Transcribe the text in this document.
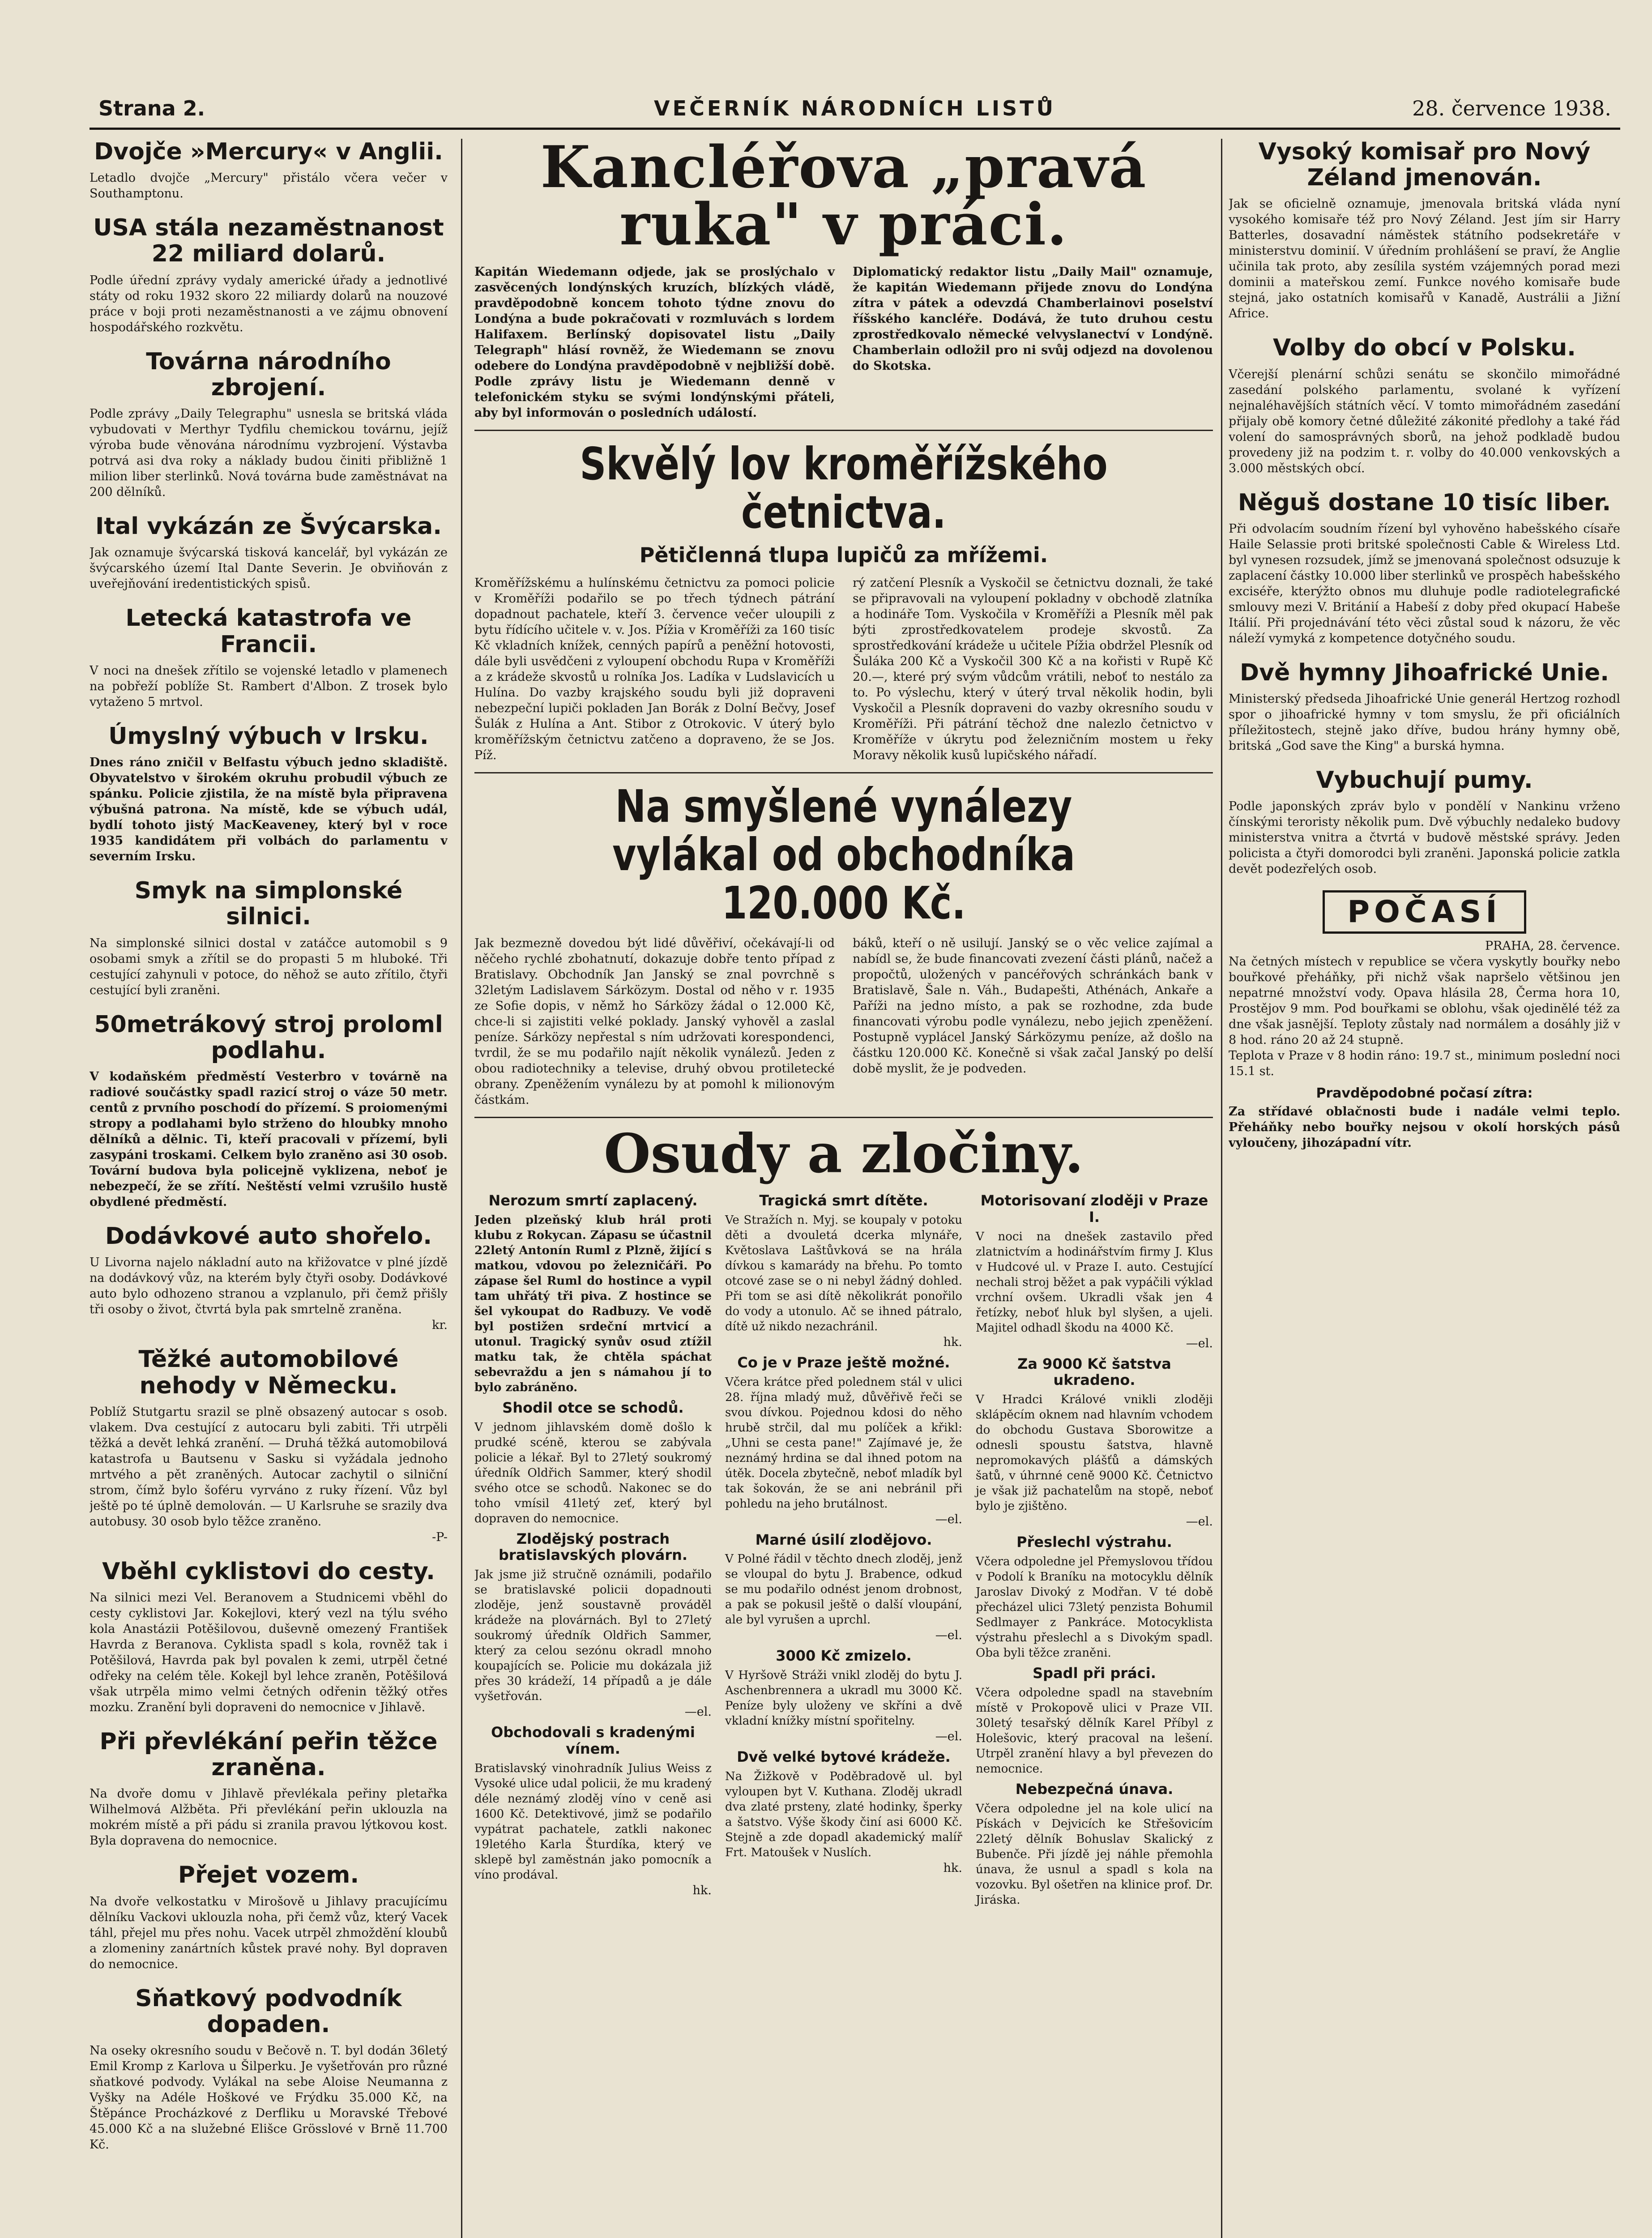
Strana 2.	VEČERNÍK NÁRODNÍCH LISTŮ	28. července 1938.
Dvojče »Mercury« v Anglii.

Letadlo dvojče „Mercury" přistálo včera večer v Southamptonu.

USA stála nezaměstnanost 22 miliard dolarů.

Podle úřední zprávy vydaly americké úřady a jednotlivé státy od roku 1932 skoro 22 miliardy dolarů na nouzové práce v boji proti nezaměstnanosti a ve zájmu obnovení hospodářského rozkvětu.

Továrna národního zbrojení.

Podle zprávy „Daily Telegraphu" usnesla se britská vláda vybudovati v Merthyr Tydfilu chemickou továrnu, jejíž výroba bude věnována národnímu vyzbrojení. Výstavba potrvá asi dva roky a náklady budou činiti přibližně 1 milion liber sterlinků. Nová továrna bude zaměstnávat na 200 dělníků.

Ital vykázán ze Švýcarska.

Jak oznamuje švýcarská tisková kancelář, byl vykázán ze švýcarského území Ital Dante Severin. Je obviňován z uveřejňování iredentistických spisů.

Letecká katastrofa ve Francii.

V noci na dnešek zřítilo se vojenské letadlo v plamenech na pobřeží poblíže St. Rambert d'Albon. Z trosek bylo vytaženo 5 mrtvol.

Úmyslný výbuch v Irsku.

Dnes ráno zničil v Belfastu výbuch jedno skladiště. Obyvatelstvo v širokém okruhu probudil výbuch ze spánku. Policie zjistila, že na místě byla připravena výbušná patrona. Na místě, kde se výbuch udál, bydlí tohoto jistý MacKeaveney, který byl v roce 1935 kandidátem při volbách do parlamentu v severním Irsku.

Smyk na simplonské silnici.

Na simplonské silnici dostal v zatáčce automobil s 9 osobami smyk a zřítil se do propasti 5 m hluboké. Tři cestující zahynuli v potoce, do něhož se auto zřítilo, čtyři cestující byli zraněni.

50metrákový stroj proloml podlahu.

V kodaňském předměstí Vesterbro v továrně na radiové součástky spadl razicí stroj o váze 50 metr. centů z prvního poschodí do přízemí. S proiomenými stropy a podlahami bylo strženo do hloubky mnoho dělníků a dělnic. Ti, kteří pracovali v přízemí, byli zasypáni troskami. Celkem bylo zraněno asi 30 osob. Tovární budova byla policejně vyklizena, neboť je nebezpečí, že se zřítí. Neštěstí velmi vzrušilo hustě obydlené předměstí.

Dodávkové auto shořelo.

U Livorna najelo nákladní auto na křižovatce v plné jízdě na dodávkový vůz, na kterém byly čtyři osoby. Dodávkové auto bylo odhozeno stranou a vzplanulo, při čemž přišly tři osoby o život, čtvrtá byla pak smrtelně zraněna.

kr.
Těžké automobilové nehody v Německu.

Poblíž Stutgartu srazil se plně obsazený autocar s osob. vlakem. Dva cestující z autocaru byli zabiti. Tři utrpěli těžká a devět lehká zranění. — Druhá těžká automobilová katastrofa u Bautsenu v Sasku si vyžádala jednoho mrtvého a pět zraněných. Autocar zachytil o silniční strom, čímž bylo šoféru vyrváno z ruky řízení. Vůz byl ještě po té úplně demolován. — U Karlsruhe se srazily dva autobusy. 30 osob bylo těžce zraněno.

-P-
Vběhl cyklistovi do cesty.

Na silnici mezi Vel. Beranovem a Studnicemi vběhl do cesty cyklistovi Jar. Kokejlovi, který vezl na týlu svého kola Anastázii Potěšilovou, duševně omezený František Havrda z Beranova. Cyklista spadl s kola, rovněž tak i Potěšilová, Havrda pak byl povalen k zemi, utrpěl četné odřeky na celém těle. Kokejl byl lehce zraněn, Potěšilová však utrpěla mimo velmi četných odřenin těžký otřes mozku. Zranění byli dopraveni do nemocnice v Jihlavě.

Při převlékání peřin těžce zraněna.

Na dvoře domu v Jihlavě převlékala peřiny pletařka Wilhelmová Alžběta. Při převlékání peřin uklouzla na mokrém místě a při pádu si zranila pravou lýtkovou kost. Byla dopravena do nemocnice.

Přejet vozem.

Na dvoře velkostatku v Mirošově u Jihlavy pracujícímu dělníku Vackovi uklouzla noha, při čemž vůz, který Vacek táhl, přejel mu přes nohu. Vacek utrpěl zhmoždění kloubů a zlomeniny zanártních kůstek pravé nohy. Byl dopraven do nemocnice.

Sňatkový podvodník dopaden.

Na oseky okresního soudu v Bečově n. T. byl dodán 36letý Emil Kromp z Karlova u Šilperku. Je vyšetřován pro různé sňatkové podvody. Vylákal na sebe Aloise Neumanna z Vyšky na Adéle Hoškové ve Frýdku 35.000 Kč, na Štěpánce Procházkové z Derfliku u Moravské Třebové 45.000 Kč a na služebné Elišce Grösslové v Brně 11.700 Kč.

Kancléřova „pravá ruka" v práci.

Kapitán Wiedemann odjede, jak se proslýchalo v zasvěcených londýnských kruzích, blízkých vládě, pravděpodobně koncem tohoto týdne znovu do Londýna a bude pokračovati v rozmluvách s lordem Halifaxem. Berlínský dopisovatel listu „Daily Telegraph" hlásí rovněž, že Wiedemann se znovu odebere do Londýna pravděpodobně v nejbližší době. Podle zprávy listu je Wiedemann denně v telefonickém styku se svými londýnskými přáteli, aby byl informován o posledních událostí.

Diplomatický redaktor listu „Daily Mail" oznamuje, že kapitán Wiedemann přijede znovu do Londýna zítra v pátek a odevzdá Chamberlainovi poselství říšského kancléře. Dodává, že tuto druhou cestu zprostředkovalo německé velvyslanectví v Londýně. Chamberlain odložil pro ni svůj odjezd na dovolenou do Skotska.

Skvělý lov kroměřížského četnictva.
Pětičlenná tlupa lupičů za mřížemi.

Kroměřížskému a hulínskému četnictvu za pomoci policie v Kroměříži podařilo se po třech týdnech pátrání dopadnout pachatele, kteří 3. července večer uloupili z bytu řídícího učitele v. v. Jos. Pížia v Kroměříži za 160 tisíc Kč vkladních knížek, cenných papírů a peněžní hotovosti, dále byli usvědčeni z vyloupení obchodu Rupa v Kroměříži a z krádeže skvostů u rolníka Jos. Ladíka v Ludslavicích u Hulína. Do vazby krajského soudu byli již dopraveni nebezpeční lupiči pokladen Jan Borák z Dolní Bečvy, Josef Šulák z Hulína a Ant. Stibor z Otrokovic. V úterý bylo kroměřížským četnictvu zatčeno a dopraveno, že se Jos. Píž.

rý zatčení Plesník a Vyskočil se četnictvu doznali, že také se připravovali na vyloupení pokladny v obchodě zlatníka a hodináře Tom. Vyskočila v Kroměříži a Plesník měl pak býti zprostředkovatelem prodeje skvostů. Za sprostředkování krádeže u učitele Pížia obdržel Plesník od Šuláka 200 Kč a Vyskočil 300 Kč a na kořisti v Rupě Kč 20.—, které prý svým vůdcům vrátili, neboť to nestálo za to. Po výslechu, který v úterý trval několik hodin, byli Vyskočil a Plesník dopraveni do vazby okresního soudu v Kroměříži. Při pátrání těchož dne nalezlo četnictvo v Kroměříže v úkrytu pod železničním mostem u řeky Moravy několik kusů lupičského nářadí.

Na smyšlené vynálezy vylákal od obchodníka 120.000 Kč.

Jak bezmezně dovedou být lidé důvěřiví, očekávají-li od něčeho rychlé zbohatnutí, dokazuje dobře tento případ z Bratislavy. Obchodník Jan Janský se znal povrchně s 32letým Ladislavem Sárközym. Dostal od něho v r. 1935 ze Sofie dopis, v němž ho Sárközy žádal o 12.000 Kč, chce-li si zajistiti velké poklady. Janský vyhověl a zaslal peníze. Sárközy nepřestal s ním udržovati korespondenci, tvrdil, že se mu podařilo najít několik vynálezů. Jeden z obou radiotechniky a televise, druhý obvou protiletecké obrany. Zpeněžením vynálezu by at pomohl k milionovým částkám.

báků, kteří o ně usilují. Janský se o věc velice zajímal a nabídl se, že bude financovati zvezení části plánů, načež a propočtů, uložených v pancéřových schránkách bank v Bratislavě, Šale n. Váh., Budapešti, Athénách, Ankaře a Paříži na jedno místo, a pak se rozhodne, zda bude financovati výrobu podle vynálezu, nebo jejich zpeněžení. Postupně vyplácel Janský Sárközymu peníze, až došlo na částku 120.000 Kč. Konečně si však začal Janský po delší době myslit, že je podveden.

Osudy a zločiny.
Nerozum smrtí zaplacený.

Jeden plzeňský klub hrál proti klubu z Rokycan. Zápasu se účastnil 22letý Antonín Ruml z Plzně, žijící s matkou, vdovou po železničáři. Po zápase šel Ruml do hostince a vypil tam uhřátý tři piva. Z hostince se šel vykoupat do Radbuzy. Ve vodě byl postižen srdeční mrtvicí a utonul. Tragický synův osud ztížil matku tak, že chtěla spáchat sebevraždu a jen s námahou jí to bylo zabráněno.

Shodil otce se schodů.

V jednom jihlavském domě došlo k prudké scéně, kterou se zabývala policie a lékař. Byl to 27letý soukromý úředník Oldřich Sammer, který shodil svého otce se schodů. Nakonec se do toho vmísil 41letý zeť, který byl dopraven do nemocnice.

Zlodějský postrach bratislavských plovárn.

Jak jsme již stručně oznámili, podařilo se bratislavské policii dopadnouti zloděje, jenž soustavně prováděl krádeže na plovárnách. Byl to 27letý soukromý úředník Oldřich Sammer, který za celou sezónu okradl mnoho koupajících se. Policie mu dokázala již přes 30 krádeží, 14 případů a je dále vyšetřován.

—el.
Obchodovali s kradenými vínem.

Bratislavský vinohradník Julius Weiss z Vysoké ulice udal policii, že mu kradený déle neznámý zloděj víno v ceně asi 1600 Kč. Detektivové, jimž se podařilo vypátrat pachatele, zatkli nakonec 19letého Karla Šturdíka, který ve sklepě byl zaměstnán jako pomocník a víno prodával.

hk.
Tragická smrt dítěte.

Ve Stražích n. Myj. se koupaly v potoku děti a dvouletá dcerka mlynáře, Květoslava Laštůvková se na hrála dívkou s kamarády na břehu. Po tomto otcové zase se o ni nebyl žádný dohled. Při tom se asi dítě několikrát ponořilo do vody a utonulo. Ač se ihned pátralo, dítě už nikdo nezachránil.

hk.
Co je v Praze ještě možné.

Včera krátce před polednem stál v ulici 28. října mladý muž, důvěřivě řeči se svou dívkou. Pojednou kdosi do něho hrubě strčil, dal mu políček a křikl: „Uhni se cesta pane!" Zajímavé je, že neznámý hrdina se dal ihned potom na útěk. Docela zbytečně, neboť mladík byl tak šokován, že se ani nebránil při pohledu na jeho brutálnost.

—el.
Marné úsilí zlodějovo.

V Polné řádil v těchto dnech zloděj, jenž se vloupal do bytu J. Brabence, odkud se mu podařilo odnést jenom drobnost, a pak se pokusil ještě o další vloupání, ale byl vyrušen a uprchl.

—el.
3000 Kč zmizelo.

V Hyršově Stráži vnikl zloděj do bytu J. Aschenbrennera a ukradl mu 3000 Kč. Peníze byly uloženy ve skříni a dvě vkladní knížky místní spořitelny.

—el.
Dvě velké bytové krádeže.

Na Žižkově v Poděbradově ul. byl vyloupen byt V. Kuthana. Zloděj ukradl dva zlaté prsteny, zlaté hodinky, šperky a šatstvo. Výše škody činí asi 6000 Kč. Stejně a zde dopadl akademický malíř Frt. Matoušek v Nuslích.

hk.
Motorisovaní zloději v Praze I.

V noci na dnešek zastavilo před zlatnictvím a hodinářstvím firmy J. Klus v Hudcové ul. v Praze I. auto. Cestující nechali stroj běžet a pak vypáčili výklad vrchní ovšem. Ukradli však jen 4 řetízky, neboť hluk byl slyšen, a ujeli. Majitel odhadl škodu na 4000 Kč.

—el.
Za 9000 Kč šatstva ukradeno.

V Hradci Králové vnikli zloději sklápěcím oknem nad hlavním vchodem do obchodu Gustava Sborowitze a odnesli spoustu šatstva, hlavně nepromokavých plášťů a dámských šatů, v úhrnné ceně 9000 Kč. Četnictvo je však již pachatelům na stopě, neboť bylo je zjištěno.

—el.
Přeslechl výstrahu.

Včera odpoledne jel Přemyslovou třídou v Podolí k Braníku na motocyklu dělník Jaroslav Divoký z Modřan. V té době přecházel ulici 73letý penzista Bohumil Sedlmayer z Pankráce. Motocyklista výstrahu přeslechl a s Divokým spadl. Oba byli těžce zraněni.

Spadl při práci.

Včera odpoledne spadl na stavebním místě v Prokopově ulici v Praze VII. 30letý tesařský dělník Karel Příbyl z Holešovic, který pracoval na lešení. Utrpěl zranění hlavy a byl převezen do nemocnice.

Nebezpečná únava.

Včera odpoledne jel na kole ulicí na Pískách v Dejvicích ke Střešovicím 22letý dělník Bohuslav Skalický z Bubenče. Při jízdě jej náhle přemohla únava, že usnul a spadl s kola na vozovku. Byl ošetřen na klinice prof. Dr. Jiráska.

Vysoký komisař pro Nový Zéland jmenován.

Jak se oficielně oznamuje, jmenovala britská vláda nyní vysokého komisaře též pro Nový Zéland. Jest jím sir Harry Batterles, dosavadní náměstek státního podsekretáře v ministerstvu dominií. V úředním prohlášení se praví, že Anglie učinila tak proto, aby zesílila systém vzájemných porad mezi dominii a mateřskou zemí. Funkce nového komisaře bude stejná, jako ostatních komisařů v Kanadě, Austrálii a Jižní Africe.

Volby do obcí v Polsku.

Včerejší plenární schůzi senátu se skončilo mimořádné zasedání polského parlamentu, svolané k vyřízení nejnaléhavějších státních věcí. V tomto mimořádném zasedání přijaly obě komory četné důležité zákonité předlohy a také řád volení do samosprávných sborů, na jehož podkladě budou provedeny již na podzim t. r. volby do 40.000 venkovských a 3.000 městských obcí.

Něguš dostane 10 tisíc liber.

Při odvolacím soudním řízení byl vyhověno habešského císaře Haile Selassie proti britské společnosti Cable & Wireless Ltd. byl vynesen rozsudek, jímž se jmenovaná společnost odsuzuje k zaplacení částky 10.000 liber sterlinků ve prospěch habešského exciséře, kterýžto obnos mu dluhuje podle radiotelegrafické smlouvy mezi V. Británií a Habeší z doby před okupací Habeše Itálií. Při projednávání této věci zůstal soud k názoru, že věc náleží vymyká z kompetence dotyčného soudu.

Dvě hymny Jihoafrické Unie.

Ministerský předseda Jihoafrické Unie generál Hertzog rozhodl spor o jihoafrické hymny v tom smyslu, že při oficiálních příležitostech, stejně jako dříve, budou hrány hymny obě, britská „God save the King" a burská hymna.

Vybuchují pumy.

Podle japonských zpráv bylo v pondělí v Nankinu vrženo čínskými teroristy několik pum. Dvě výbuchly nedaleko budovy ministerstva vnitra a čtvrtá v budově městské správy. Jeden policista a čtyři domorodci byli zraněni. Japonská policie zatkla devět podezřelých osob.

POČASÍ

PRAHA, 28. července.

Na četných místech v republice se včera vyskytly bouřky nebo bouřkové přeháňky, při nichž však napršelo většinou jen nepatrné množství vody. Opava hlásila 28, Čerma hora 10, Prostějov 9 mm. Pod bouřkami se oblohu, však ojedinělé též za dne však jasnější. Teploty zůstaly nad normálem a dosáhly již v 8 hod. ráno 20 až 24 stupně.

Teplota v Praze v 8 hodin ráno: 19.7 st., minimum poslední noci 15.1 st.

Pravděpodobné počasí zítra:

Za střídavé oblačnosti bude i nadále velmi teplo. Přeháňky nebo bouřky nejsou v okolí horských pásů vyloučeny, jihozápadní vítr.
